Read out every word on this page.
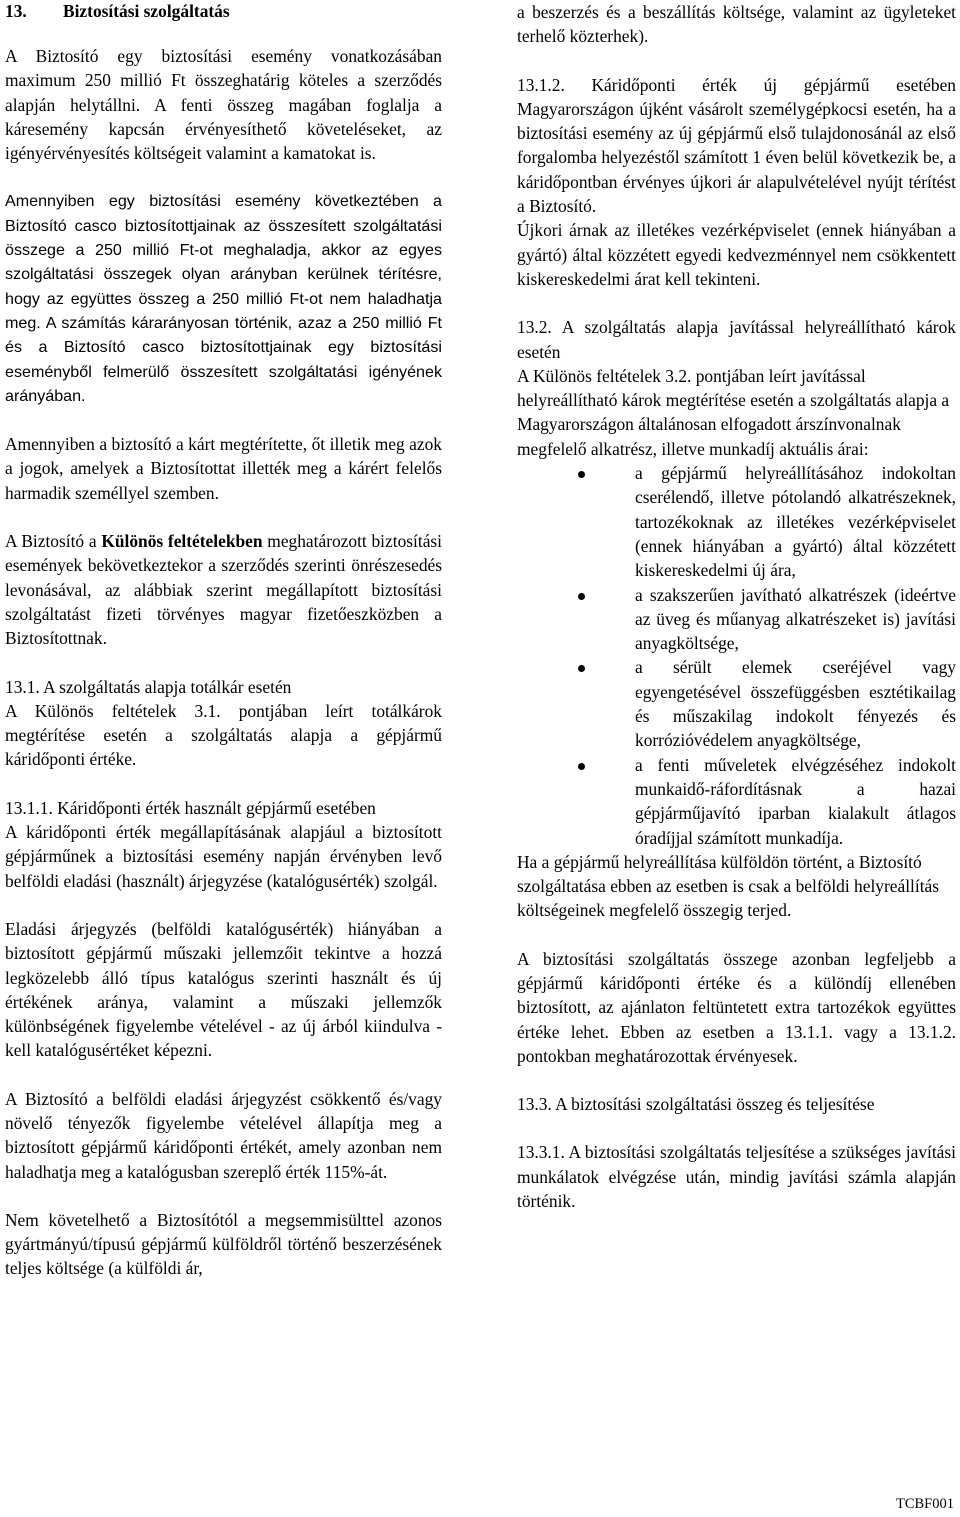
13. Biztosítási szolgáltatás

A Biztosító egy biztosítási esemény vonatkozásában maximum 250 millió Ft összeghatárig köteles a szerződés alapján helytállni. A fenti összeg magában foglalja a káresemény kapcsán érvényesíthető követeléseket, az igényérvényesítés költségeit valamint a kamatokat is.

Amennyiben egy biztosítási esemény következtében a Biztosító casco biztosítottjainak az összesített szolgáltatási összege a 250 millió Ft-ot meghaladja, akkor az egyes szolgáltatási összegek olyan arányban kerülnek térítésre, hogy az együttes összeg a 250 millió Ft-ot nem haladhatja meg. A számítás kárarányosan történik, azaz a 250 millió Ft és a Biztosító casco biztosítottjainak egy biztosítási eseményből felmerülő összesített szolgáltatási igényének arányában.

Amennyiben a biztosító a kárt megtérítette, őt illetik meg azok a jogok, amelyek a Biztosítottat illették meg a kárért felelős harmadik személlyel szemben.

A Biztosító a Különös feltételekben meghatározott biztosítási események bekövetkeztekor a szerződés szerinti önrészesedés levonásával, az alábbiak szerint megállapított biztosítási szolgáltatást fizeti törvényes magyar fizetőeszközben a Biztosítottnak.

13.1. A szolgáltatás alapja totálkár esetén

A Különös feltételek 3.1. pontjában leírt totálkárok megtérítése esetén a szolgáltatás alapja a gépjármű káridőponti értéke.

13.1.1. Káridőponti érték használt gépjármű esetében

A káridőponti érték megállapításának alapjául a biztosított gépjárműnek a biztosítási esemény napján érvényben levő belföldi eladási (használt) árjegyzése (katalógusérték) szolgál.

Eladási árjegyzés (belföldi katalógusérték) hiányában a biztosított gépjármű műszaki jellemzőit tekintve a hozzá legközelebb álló típus katalógus szerinti használt és új értékének aránya, valamint a műszaki jellemzők különbségének figyelembe vételével - az új árból kiindulva - kell katalógusértéket képezni.

A Biztosító a belföldi eladási árjegyzést csökkentő és/vagy növelő tényezők figyelembe vételével állapítja meg a biztosított gépjármű káridőponti értékét, amely azonban nem haladhatja meg a katalógusban szereplő érték 115%-át.

Nem követelhető a Biztosítótól a megsemmisülttel azonos gyártmányú/típusú gépjármű külföldről történő beszerzésének teljes költsége (a külföldi ár,

a beszerzés és a beszállítás költsége, valamint az ügyleteket terhelő közterhek).

13.1.2. Káridőponti érték új gépjármű esetében Magyarországon újként vásárolt személygépkocsi esetén, ha a biztosítási esemény az új gépjármű első tulajdonosánál az első forgalomba helyezéstől számított 1 éven belül következik be, a káridőpontban érvényes újkori ár alapulvételével nyújt térítést a Biztosító.

Újkori árnak az illetékes vezérképviselet (ennek hiányában a gyártó) által közzétett egyedi kedvezménnyel nem csökkentett kiskereskedelmi árat kell tekinteni.

13.2. A szolgáltatás alapja javítással helyreállítható károk esetén

A Különös feltételek 3.2. pontjában leírt javítással helyreállítható károk megtérítése esetén a szolgáltatás alapja a Magyarországon általánosan elfogadott árszínvonalnak megfelelő alkatrész, illetve munkadíj aktuális árai:

a gépjármű helyreállításához indokoltan cserélendő, illetve pótolandó alkatrészeknek, tartozékoknak az illetékes vezérképviselet (ennek hiányában a gyártó) által közzétett kiskereskedelmi új ára,
a szakszerűen javítható alkatrészek (ideértve az üveg és műanyag alkatrészeket is) javítási anyagköltsége,
a sérült elemek cseréjével vagy egyengetésével összefüggésben esztétikailag és műszakilag indokolt fényezés és korrózióvédelem anyagköltsége,
a fenti műveletek elvégzéséhez indokolt munkaidő-ráfordításnak a hazai gépjárműjavító iparban kialakult átlagos óradíjjal számított munkadíja.

Ha a gépjármű helyreállítása külföldön történt, a Biztosító szolgáltatása ebben az esetben is csak a belföldi helyreállítás költségeinek megfelelő összegig terjed.

A biztosítási szolgáltatás összege azonban legfeljebb a gépjármű káridőponti értéke és a különdíj ellenében biztosított, az ajánlaton feltüntetett extra tartozékok együttes értéke lehet. Ebben az esetben a 13.1.1. vagy a 13.1.2. pontokban meghatározottak érvényesek.

13.3. A biztosítási szolgáltatási összeg és teljesítése

13.3.1. A biztosítási szolgáltatás teljesítése a szükséges javítási munkálatok elvégzése után, mindig javítási számla alapján történik.

TCBF001
